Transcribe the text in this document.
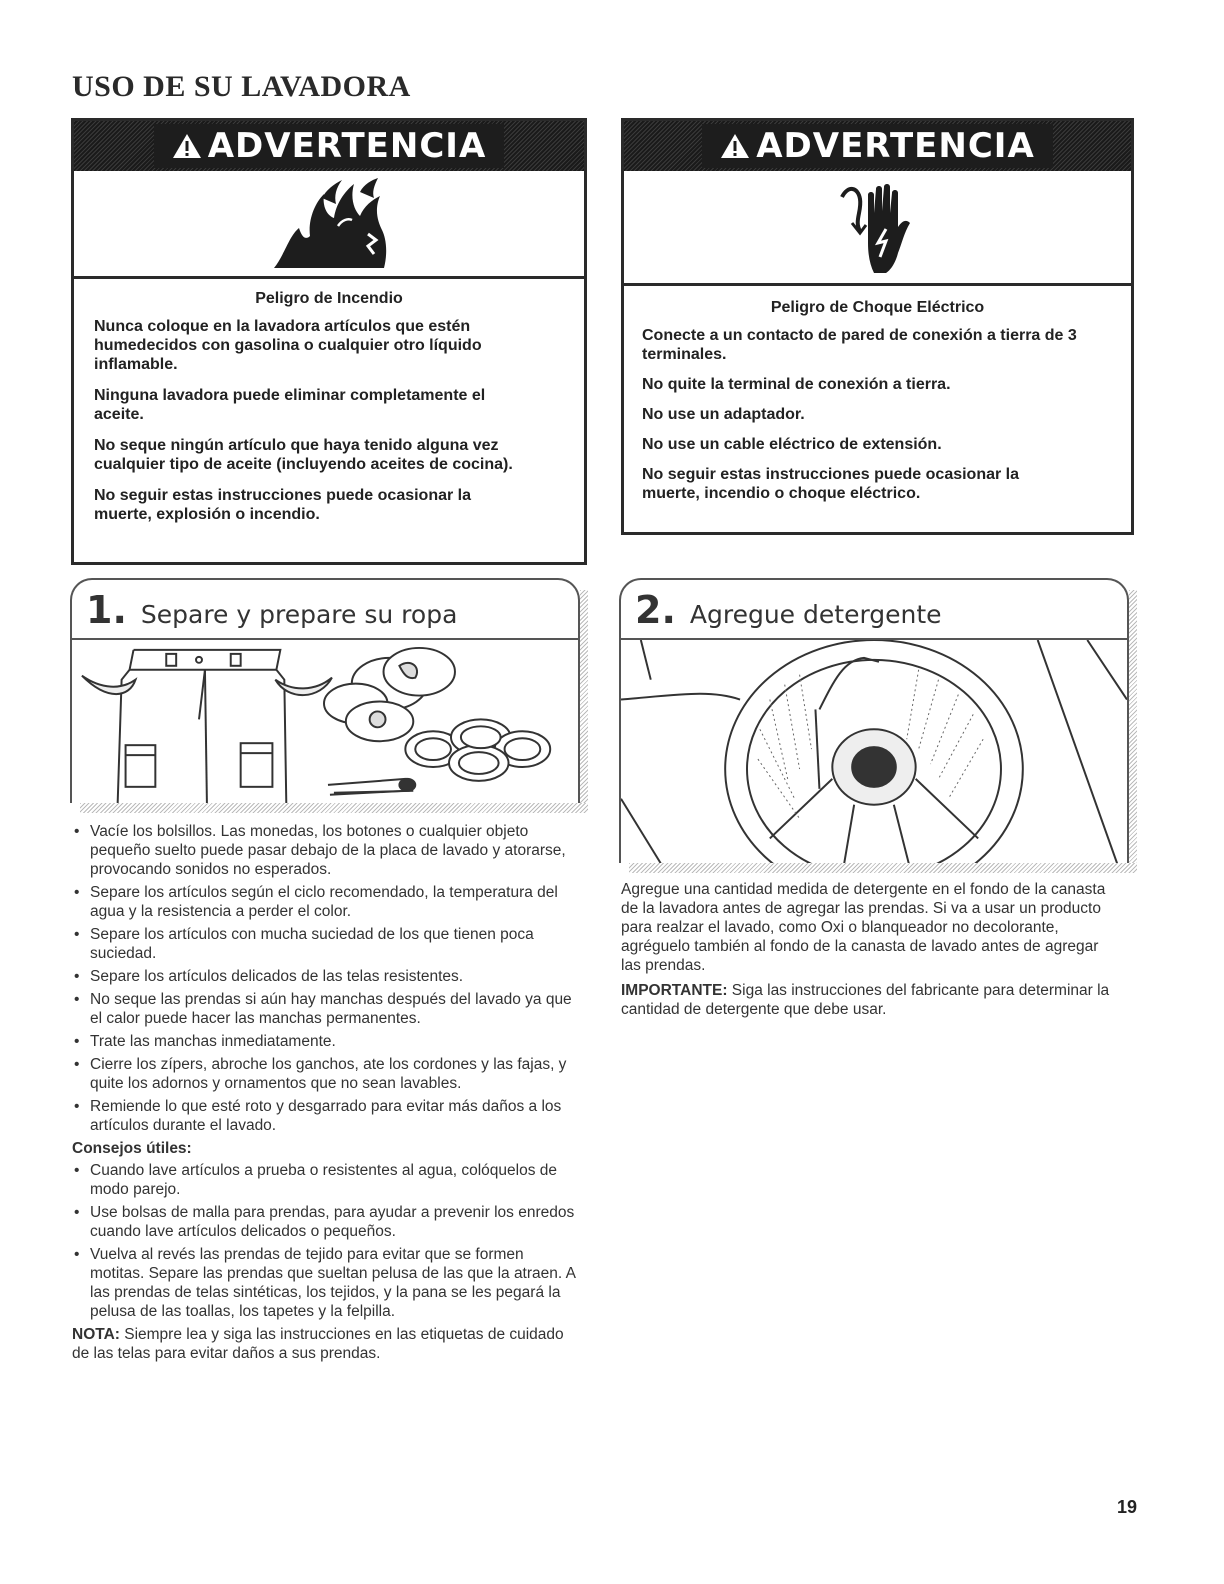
USO DE SU LAVADORA
ADVERTENCIA
Peligro de Incendio
Nunca coloque en la lavadora artículos que estén humedecidos con gasolina o cualquier otro líquido inflamable.
Ninguna lavadora puede eliminar completamente el aceite.
No seque ningún artículo que haya tenido alguna vez cualquier tipo de aceite (incluyendo aceites de cocina).
No seguir estas instrucciones puede ocasionar la muerte, explosión o incendio.
ADVERTENCIA
Peligro de Choque Eléctrico
Conecte a un contacto de pared de conexión a tierra de 3 terminales.
No quite la terminal de conexión a tierra.
No use un adaptador.
No use un cable eléctrico de extensión.
No seguir estas instrucciones puede ocasionar la muerte, incendio o choque eléctrico.
1. Separe y prepare su ropa	2. Agregue detergente
• Vacíe los bolsillos. Las monedas, los botones o cualquier objeto pequeño suelto puede pasar debajo de la placa de lavado y atorarse, provocando sonidos no esperados.
• Separe los artículos según el ciclo recomendado, la temperatura del agua y la resistencia a perder el color.
• Separe los artículos con mucha suciedad de los que tienen poca suciedad.
• Separe los artículos delicados de las telas resistentes.
• No seque las prendas si aún hay manchas después del lavado ya que el calor puede hacer las manchas permanentes.
• Trate las manchas inmediatamente.
• Cierre los zípers, abroche los ganchos, ate los cordones y las fajas, y quite los adornos y ornamentos que no sean lavables.
• Remiende lo que esté roto y desgarrado para evitar más daños a los artículos durante el lavado.
Consejos útiles:
• Cuando lave artículos a prueba o resistentes al agua, colóquelos de modo parejo.
• Use bolsas de malla para prendas, para ayudar a prevenir los enredos cuando lave artículos delicados o pequeños.
• Vuelva al revés las prendas de tejido para evitar que se formen motitas. Separe las prendas que sueltan pelusa de las que la atraen. A las prendas de telas sintéticas, los tejidos, y la pana se les pegará la pelusa de las toallas, los tapetes y la felpilla.
NOTA: Siempre lea y siga las instrucciones en las etiquetas de cuidado de las telas para evitar daños a sus prendas.

Agregue una cantidad medida de detergente en el fondo de la canasta de la lavadora antes de agregar las prendas. Si va a usar un producto para realzar el lavado, como Oxi o blanqueador no decolorante, agréguelo también al fondo de la canasta de lavado antes de agregar las prendas.

IMPORTANTE: Siga las instrucciones del fabricante para determinar la cantidad de detergente que debe usar.

19
